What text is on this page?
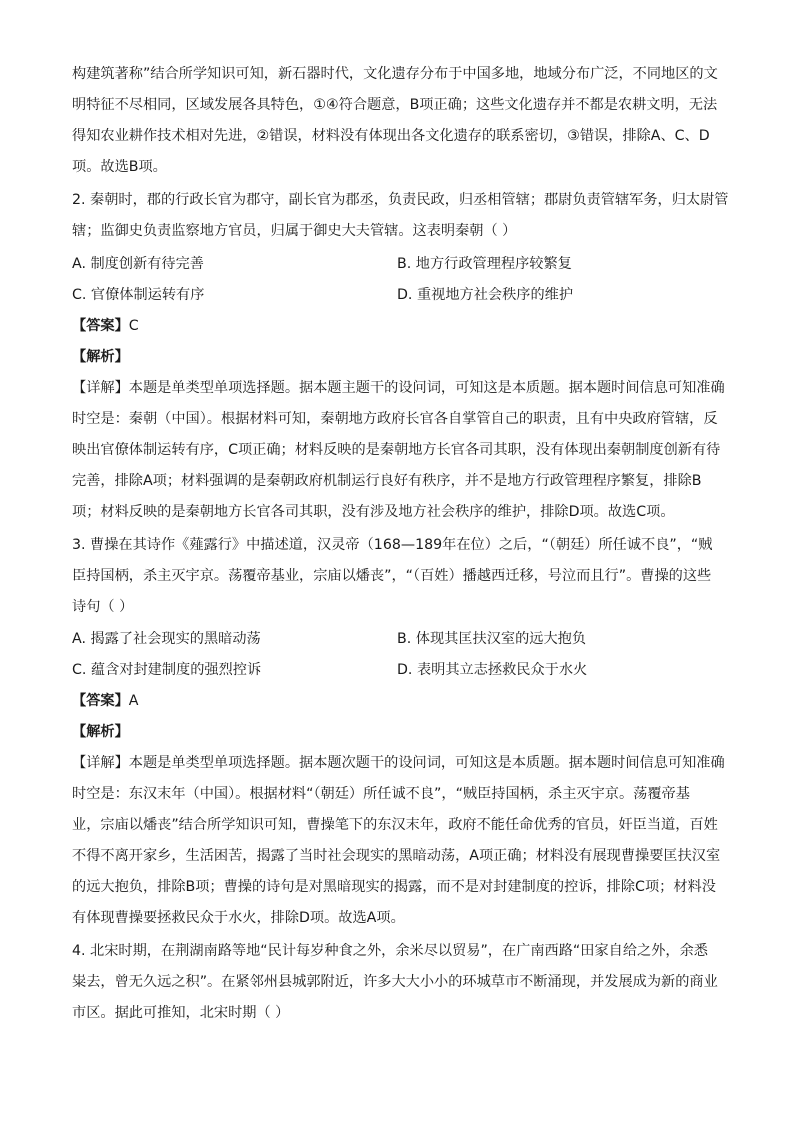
构建筑著称”结合所学知识可知，新石器时代，文化遗存分布于中国多地，地域分布广泛，不同地区的文
明特征不尽相同，区域发展各具特色，①④符合题意，B项正确；这些文化遗存并不都是农耕文明，无法
得知农业耕作技术相对先进，②错误，材料没有体现出各文化遗存的联系密切，③错误，排除A、C、D
项。故选B项。
2. 秦朝时，郡的行政长官为郡守，副长官为郡丞，负责民政，归丞相管辖；郡尉负责管辖军务，归太尉管
辖；监御史负责监察地方官员，归属于御史大夫管辖。这表明秦朝（ ）
A. 制度创新有待完善	B. 地方行政管理程序较繁复
C. 官僚体制运转有序	D. 重视地方社会秩序的维护
【答案】C
【解析】
【详解】本题是单类型单项选择题。据本题主题干的设问词，可知这是本质题。据本题时间信息可知准确
时空是：秦朝（中国）。根据材料可知，秦朝地方政府长官各自掌管自己的职责，且有中央政府管辖，反
映出官僚体制运转有序，C项正确；材料反映的是秦朝地方长官各司其职，没有体现出秦朝制度创新有待
完善，排除A项；材料强调的是秦朝政府机制运行良好有秩序，并不是地方行政管理程序繁复，排除B
项；材料反映的是秦朝地方长官各司其职，没有涉及地方社会秩序的维护，排除D项。故选C项。
3. 曹操在其诗作《薤露行》中描述道，汉灵帝（168—189年在位）之后，“（朝廷）所任诚不良”，“贼
臣持国柄，杀主灭宇京。荡覆帝基业，宗庙以燔丧”，“（百姓）播越西迁移，号泣而且行”。曹操的这些
诗句（ ）
A. 揭露了社会现实的黑暗动荡	B. 体现其匡扶汉室的远大抱负
C. 蕴含对封建制度的强烈控诉	D. 表明其立志拯救民众于水火
【答案】A
【解析】
【详解】本题是单类型单项选择题。据本题次题干的设问词，可知这是本质题。据本题时间信息可知准确
时空是：东汉末年（中国）。根据材料“（朝廷）所任诚不良”，“贼臣持国柄，杀主灭宇京。荡覆帝基
业，宗庙以燔丧”结合所学知识可知，曹操笔下的东汉末年，政府不能任命优秀的官员，奸臣当道，百姓
不得不离开家乡，生活困苦，揭露了当时社会现实的黑暗动荡，A项正确；材料没有展现曹操要匡扶汉室
的远大抱负，排除B项；曹操的诗句是对黑暗现实的揭露，而不是对封建制度的控诉，排除C项；材料没
有体现曹操要拯救民众于水火，排除D项。故选A项。
4. 北宋时期，在荆湖南路等地“民计每岁种食之外，余米尽以贸易”，在广南西路“田家自给之外，余悉
粜去，曾无久远之积”。在紧邻州县城郭附近，许多大大小小的环城草市不断涌现，并发展成为新的商业
市区。据此可推知，北宋时期（ ）
